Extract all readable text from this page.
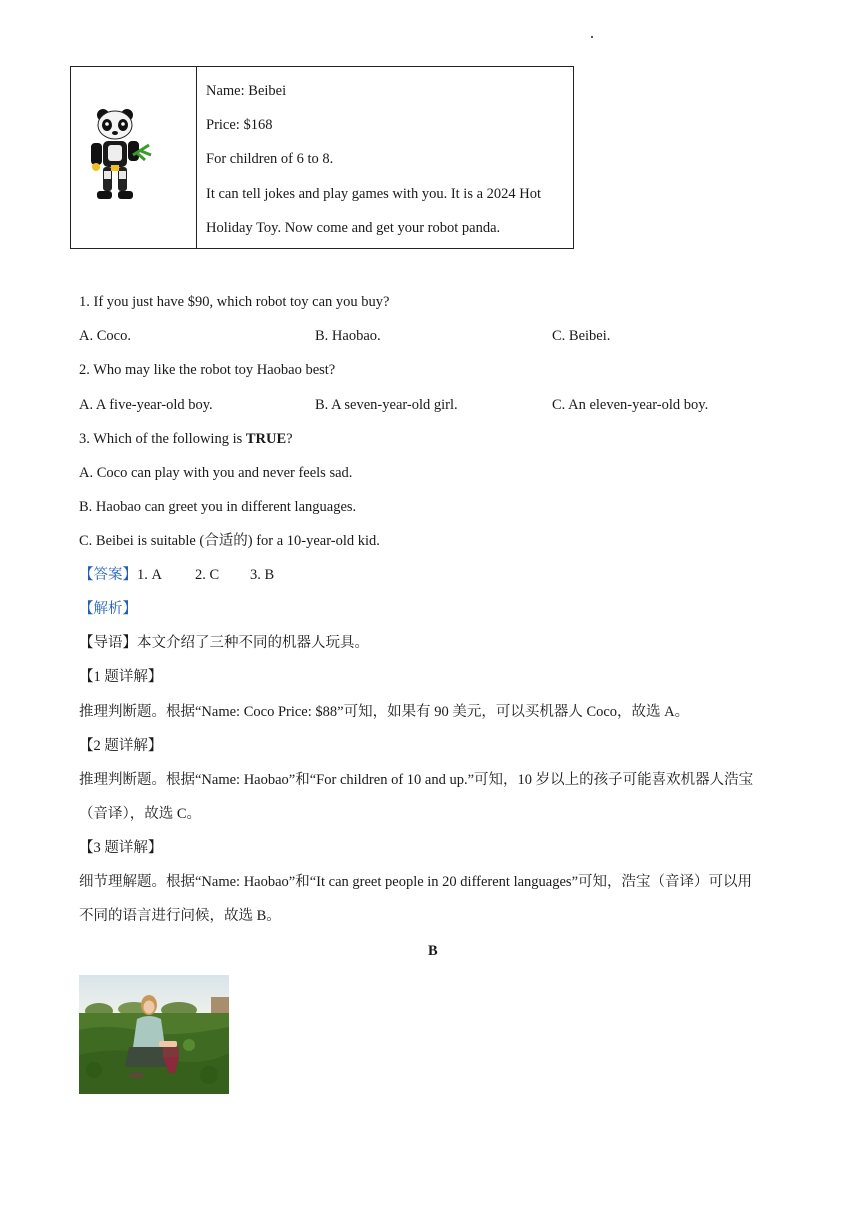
Name: Beibei
Price: $168
For children of 6 to 8.
It can tell jokes and play games with you. It is a 2024 Hot
Holiday Toy. Now come and get your robot panda.
1. If you just have $90, which robot toy can you buy?
A. Coco.	B. Haobao.	C. Beibei.
2. Who may like the robot toy Haobao best?
A. A five-year-old boy.	B. A seven-year-old girl.	C. An eleven-year-old boy.
3. Which of the following is TRUE?
A. Coco can play with you and never feels sad.
B. Haobao can greet you in different languages.
C. Beibei is suitable (合适的) for a 10-year-old kid.
【答案】1. A 2. C 3. B
【解析】
【导语】本文介绍了三种不同的机器人玩具。
【1 题详解】
推理判断题。根据“Name: Coco Price: $88”可知，如果有 90 美元，可以买机器人 Coco，故选 A。
【2 题详解】
推理判断题。根据“Name: Haobao”和“For children of 10 and up.”可知，10 岁以上的孩子可能喜欢机器人浩宝
（音译），故选 C。
【3 题详解】
细节理解题。根据“Name: Haobao”和“It can greet people in 20 different languages”可知，浩宝（音译）可以用
不同的语言进行问候，故选 B。
B
